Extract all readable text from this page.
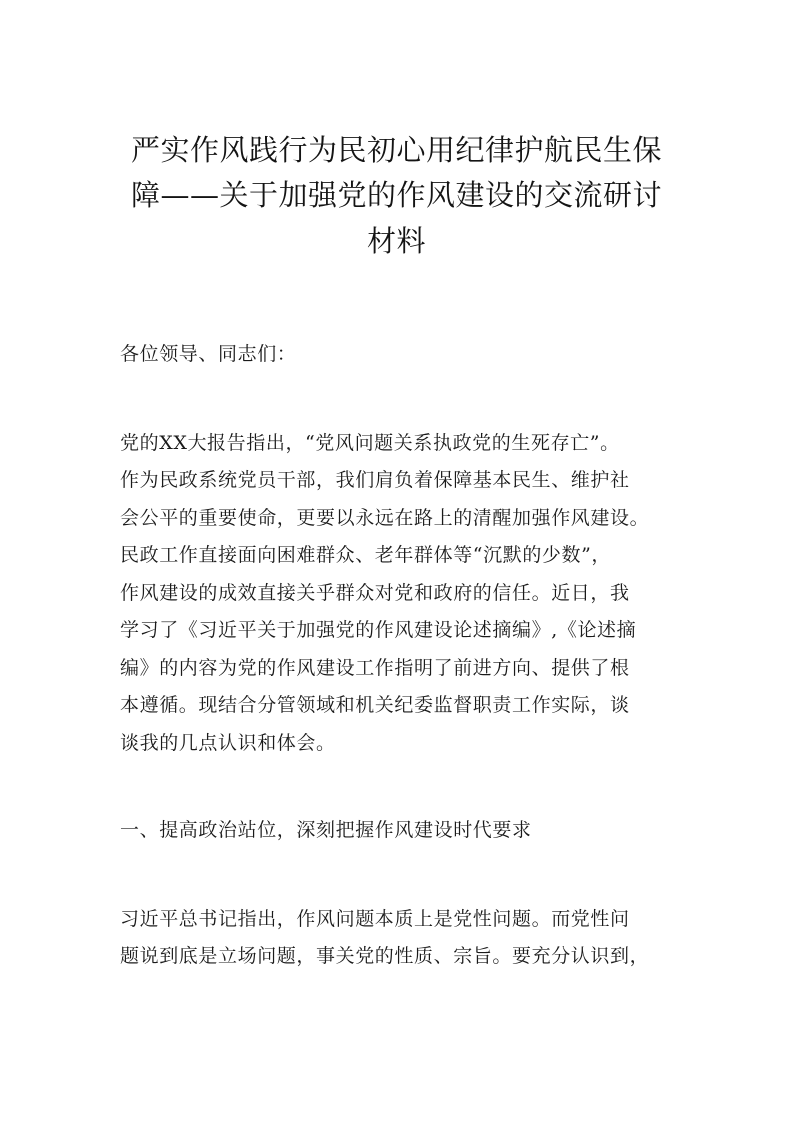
严实作风践行为民初心用纪律护航民生保
障——关于加强党的作风建设的交流研讨
材料
各位领导、同志们：
党的XX大报告指出，“党风问题关系执政党的生死存亡”。
作为民政系统党员干部，我们肩负着保障基本民生、维护社
会公平的重要使命，更要以永远在路上的清醒加强作风建设。
民政工作直接面向困难群众、老年群体等“沉默的少数”，
作风建设的成效直接关乎群众对党和政府的信任。近日，我
学习了《习近平关于加强党的作风建设论述摘编》,《论述摘
编》的内容为党的作风建设工作指明了前进方向、提供了根
本遵循。现结合分管领域和机关纪委监督职责工作实际，谈
谈我的几点认识和体会。
一、提高政治站位，深刻把握作风建设时代要求
习近平总书记指出，作风问题本质上是党性问题。而党性问
题说到底是立场问题，事关党的性质、宗旨。要充分认识到，
